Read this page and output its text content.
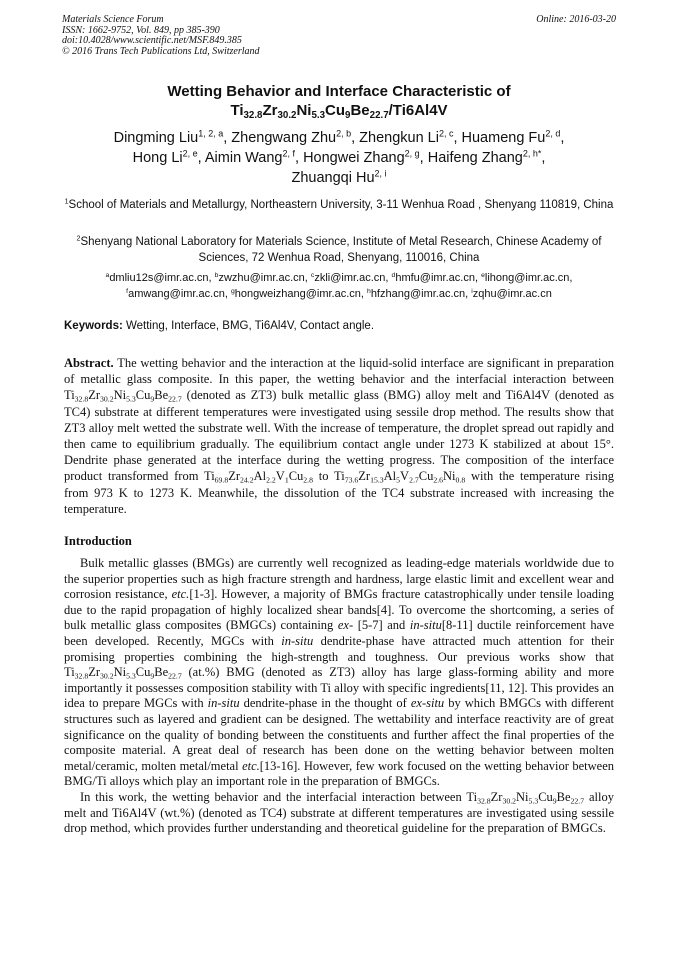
Materials Science Forum
ISSN: 1662-9752, Vol. 849, pp 385-390
doi:10.4028/www.scientific.net/MSF.849.385
© 2016 Trans Tech Publications Ltd, Switzerland
Online: 2016-03-20
Wetting Behavior and Interface Characteristic of
$Ti_{32.8}Zr_{30.2}Ni_{5.3}Cu_9Be_{22.7}/Ti6Al4V$
Dingming Liu$^{1, 2, a}$, Zhengwang Zhu$^{2, b}$, Zhengkun Li$^{2, c}$, Huameng Fu$^{2, d}$,
Hong Li$^{2, e}$, Aimin Wang$^{2, f}$, Hongwei Zhang$^{2, g}$, Haifeng Zhang$^{2, h*}$,
Zhuangqi Hu$^{2, i}$
$^1$School of Materials and Metallurgy, Northeastern University, 3-11 Wenhua Road , Shenyang 110819, China
$^2$Shenyang National Laboratory for Materials Science, Institute of Metal Research, Chinese Academy of Sciences, 72 Wenhua Road, Shenyang, 110016, China
$^a$dmliu12s@imr.ac.cn, $^b$zwzhu@imr.ac.cn, $^c$zkli@imr.ac.cn, $^d$hmfu@imr.ac.cn, $^e$lihong@imr.ac.cn,
$^f$amwang@imr.ac.cn, $^g$hongweizhang@imr.ac.cn, $^h$hfzhang@imr.ac.cn, $^i$zqhu@imr.ac.cn
Keywords: Wetting, Interface, BMG, Ti6Al4V, Contact angle.
Abstract. The wetting behavior and the interaction at the liquid-solid interface are significant in preparation of metallic glass composite. In this paper, the wetting behavior and the interfacial interaction between $Ti_{32.8}Zr_{30.2}Ni_{5.3}Cu_9Be_{22.7}$ (denoted as ZT3) bulk metallic glass (BMG) alloy melt and Ti6Al4V (denoted as TC4) substrate at different temperatures were investigated using sessile drop method. The results show that ZT3 alloy melt wetted the substrate well. With the increase of temperature, the droplet spread out rapidly and then came to equilibrium gradually. The equilibrium contact angle under 1273 K stabilized at about 15°. Dendrite phase generated at the interface during the wetting progress. The composition of the interface product transformed from $Ti_{69.8}Zr_{24.2}Al_{2.2}V_1Cu_{2.8}$ to $Ti_{73.6}Zr_{15.3}Al_5V_{2.7}Cu_{2.6}Ni_{0.8}$ with the temperature rising from 973 K to 1273 K. Meanwhile, the dissolution of the TC4 substrate increased with increasing the temperature.
Introduction

Bulk metallic glasses (BMGs) are currently well recognized as leading-edge materials worldwide due to the superior properties such as high fracture strength and hardness, large elastic limit and excellent wear and corrosion resistance, etc.[1-3]. However, a majority of BMGs fracture catastrophically under tensile loading due to the rapid propagation of highly localized shear bands[4]. To overcome the shortcoming, a series of bulk metallic glass composites (BMGCs) containing ex- [5-7] and in-situ[8-11] ductile reinforcement have been developed. Recently, MGCs with in-situ dendrite-phase have attracted much attention for their promising properties combining the high-strength and toughness. Our previous works show that $Ti_{32.8}Zr_{30.2}Ni_{5.3}Cu_9Be_{22.7}$ (at.%) BMG (denoted as ZT3) alloy has large glass-forming ability and more importantly it possesses composition stability with Ti alloy with specific ingredients[11, 12]. This provides an idea to prepare MGCs with in-situ dendrite-phase in the thought of ex-situ by which BMGCs with different structures such as layered and gradient can be designed. The wettability and interface reactivity are of great significance on the quality of bonding between the constituents and further affect the final properties of the composite material. A great deal of research has been done on the wetting behavior between molten metal/ceramic, molten metal/metal etc.[13-16]. However, few work focused on the wetting behavior between BMG/Ti alloys which play an important role in the preparation of BMGCs.

In this work, the wetting behavior and the interfacial interaction between $Ti_{32.8}Zr_{30.2}Ni_{5.3}Cu_9Be_{22.7}$ alloy melt and Ti6Al4V (wt.%) (denoted as TC4) substrate at different temperatures are investigated using sessile drop method, which provides further understanding and theoretical guideline for the preparation of BMGCs.
